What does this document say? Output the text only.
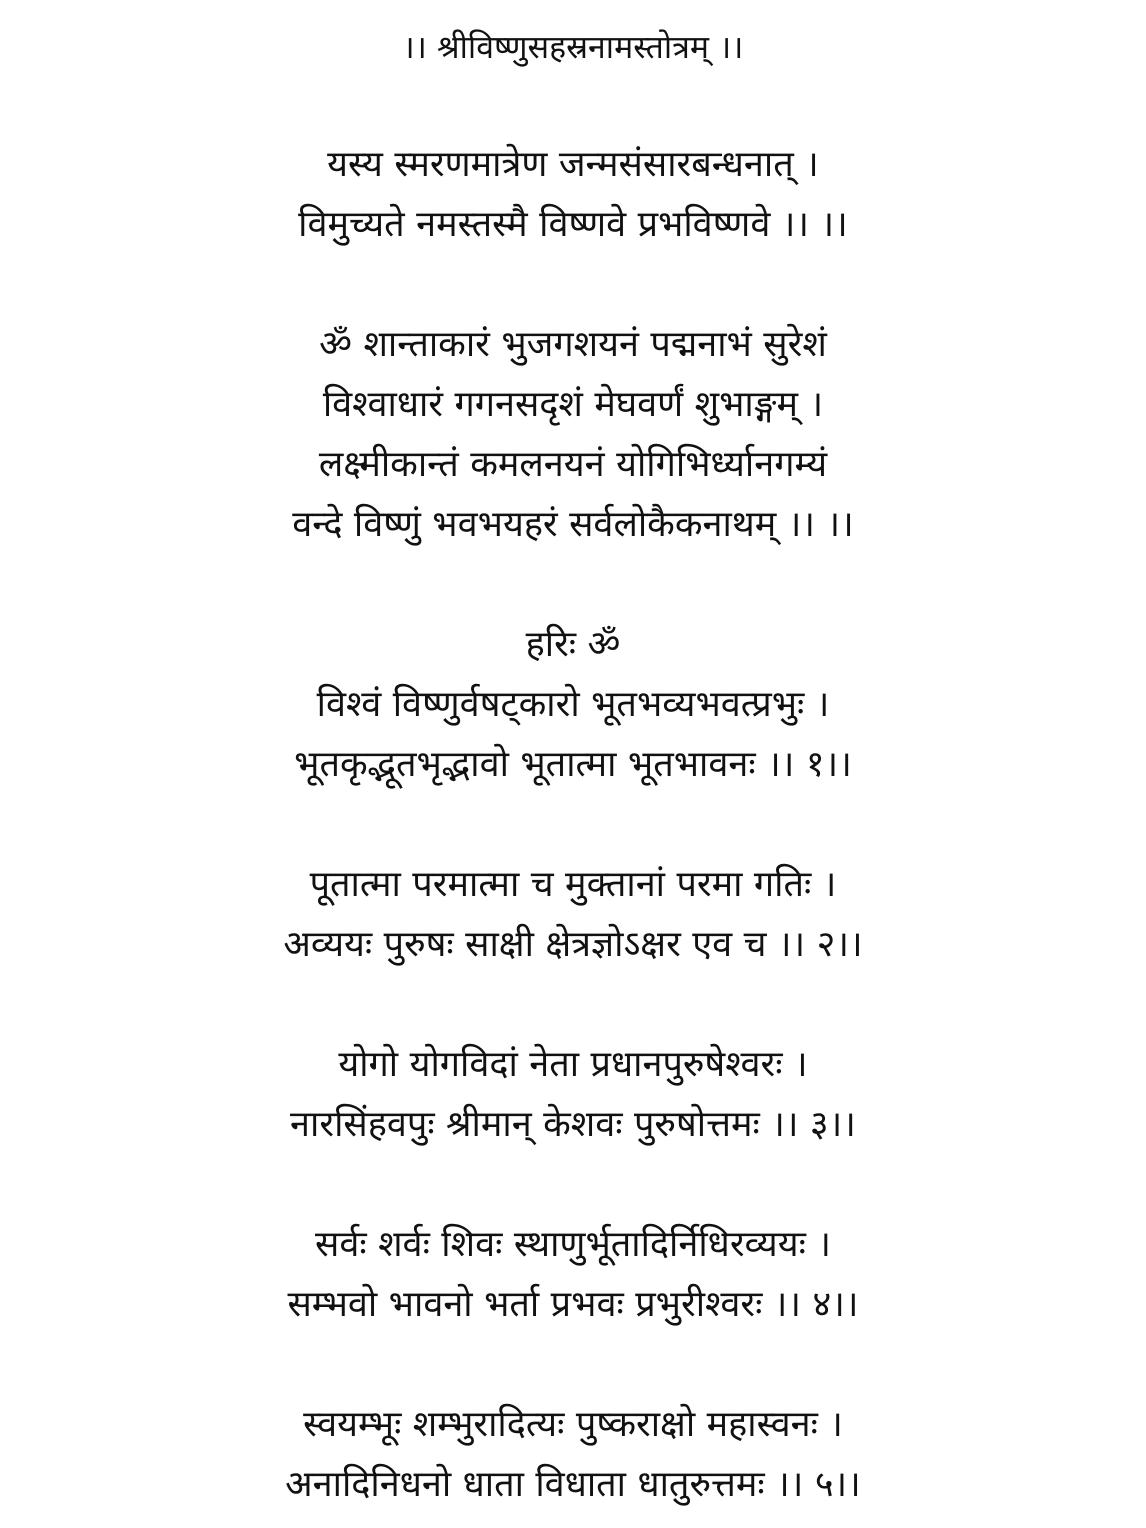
।। श्रीविष्णुसहस्रनामस्तोत्रम् ।।
यस्य स्मरणमात्रेण जन्मसंसारबन्धनात् ।
विमुच्यते नमस्तस्मै विष्णवे प्रभविष्णवे ।। ।।
ॐ शान्ताकारं भुजगशयनं पद्मनाभं सुरेशं
विश्वाधारं गगनसदृशं मेघवर्णं शुभाङ्गम् ।
लक्ष्मीकान्तं कमलनयनं योगिभिर्ध्यानगम्यं
वन्दे विष्णुं भवभयहरं सर्वलोकैकनाथम् ।। ।।
हरिः ॐ
विश्वं विष्णुर्वषट्कारो भूतभव्यभवत्प्रभुः ।
भूतकृद्भूतभृद्भावो भूतात्मा भूतभावनः ।। १।।
पूतात्मा परमात्मा च मुक्तानां परमा गतिः ।
अव्ययः पुरुषः साक्षी क्षेत्रज्ञोऽक्षर एव च ।। २।।
योगो योगविदां नेता प्रधानपुरुषेश्वरः ।
नारसिंहवपुः श्रीमान् केशवः पुरुषोत्तमः ।। ३।।
सर्वः शर्वः शिवः स्थाणुर्भूतादिर्निधिरव्ययः ।
सम्भवो भावनो भर्ता प्रभवः प्रभुरीश्वरः ।। ४।।
स्वयम्भूः शम्भुरादित्यः पुष्कराक्षो महास्वनः ।
अनादिनिधनो धाता विधाता धातुरुत्तमः ।। ५।।
